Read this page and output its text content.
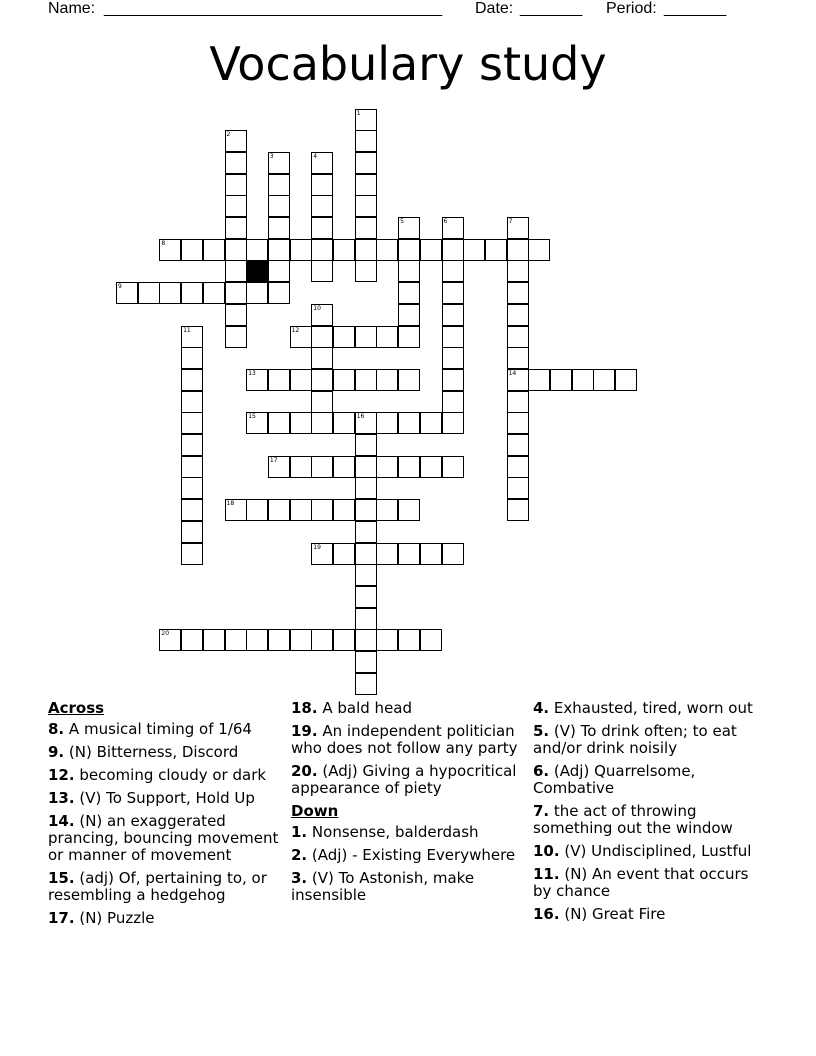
Name:

______________________________________

Date:

_______

Period:

_______

Vocabulary study
1
2
3	4
5	6	7
14
8
9
10
11	12
13
15	16
17
18
19
20
Across
8. A musical timing of 1/64
9. (N) Bitterness, Discord
12. becoming cloudy or dark
13. (V) To Support, Hold Up
14. (N) an exaggerated prancing, bouncing movement or manner of movement
15. (adj) Of, pertaining to, or resembling a hedgehog
17. (N) Puzzle
18. A bald head
19. An independent politician who does not follow any party
20. (Adj) Giving a hypocritical appearance of piety
Down
1. Nonsense, balderdash
2. (Adj) - Existing Everywhere
3. (V) To Astonish, make insensible
4. Exhausted, tired, worn out
5. (V) To drink often; to eat and/or drink noisily
6. (Adj) Quarrelsome, Combative
7. the act of throwing something out the window
10. (V) Undisciplined, Lustful
11. (N) An event that occurs by chance
16. (N) Great Fire
